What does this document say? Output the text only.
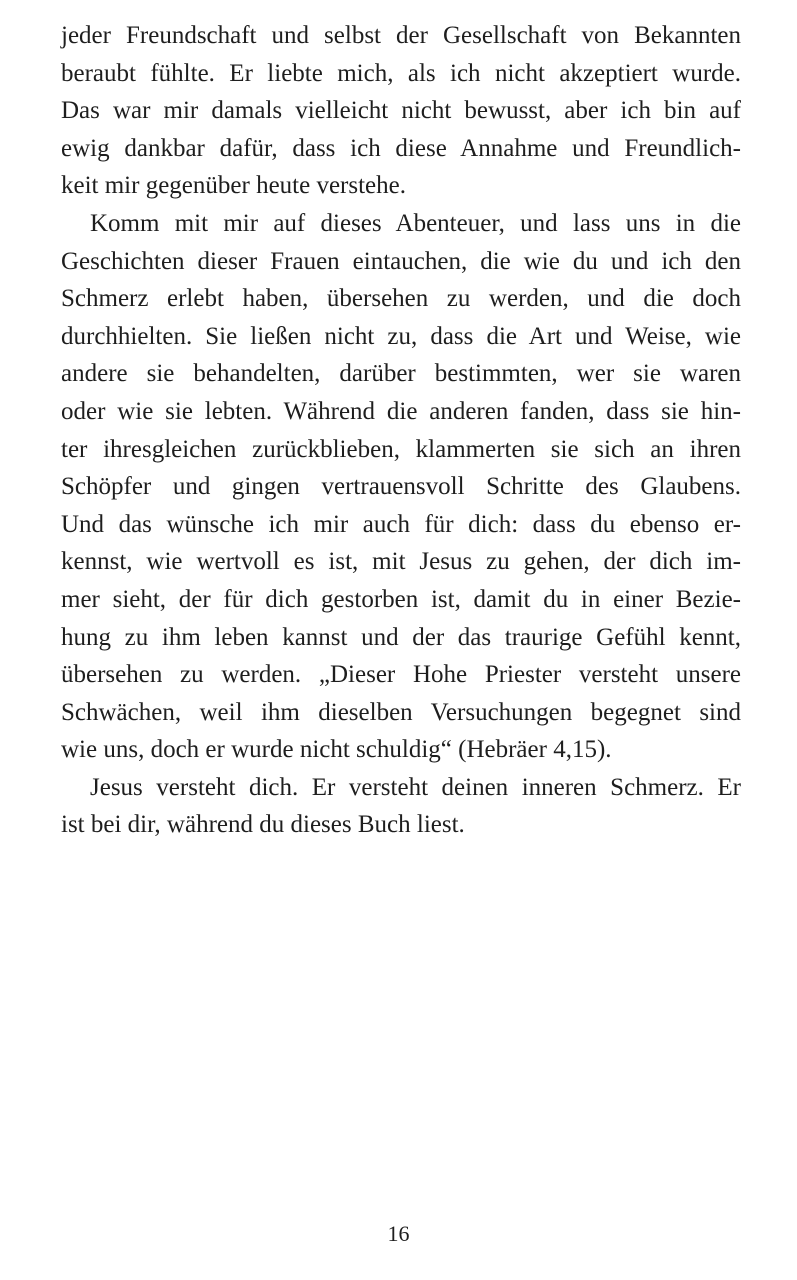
jeder Freundschaft und selbst der Gesellschaft von Bekannten
beraubt fühlte. Er liebte mich, als ich nicht akzeptiert wurde.
Das war mir damals vielleicht nicht bewusst, aber ich bin auf
ewig dankbar dafür, dass ich diese Annahme und Freundlich-
keit mir gegenüber heute verstehe.
Komm mit mir auf dieses Abenteuer, und lass uns in die
Geschichten dieser Frauen eintauchen, die wie du und ich den
Schmerz erlebt haben, übersehen zu werden, und die doch
durchhielten. Sie ließen nicht zu, dass die Art und Weise, wie
andere sie behandelten, darüber bestimmten, wer sie waren
oder wie sie lebten. Während die anderen fanden, dass sie hin-
ter ihresgleichen zurückblieben, klammerten sie sich an ihren
Schöpfer und gingen vertrauensvoll Schritte des Glaubens.
Und das wünsche ich mir auch für dich: dass du ebenso er-
kennst, wie wertvoll es ist, mit Jesus zu gehen, der dich im-
mer sieht, der für dich gestorben ist, damit du in einer Bezie-
hung zu ihm leben kannst und der das traurige Gefühl kennt,
übersehen zu werden. „Dieser Hohe Priester versteht unsere
Schwächen, weil ihm dieselben Versuchungen begegnet sind
wie uns, doch er wurde nicht schuldig“ (Hebräer 4,15).
Jesus versteht dich. Er versteht deinen inneren Schmerz. Er
ist bei dir, während du dieses Buch liest.
16
